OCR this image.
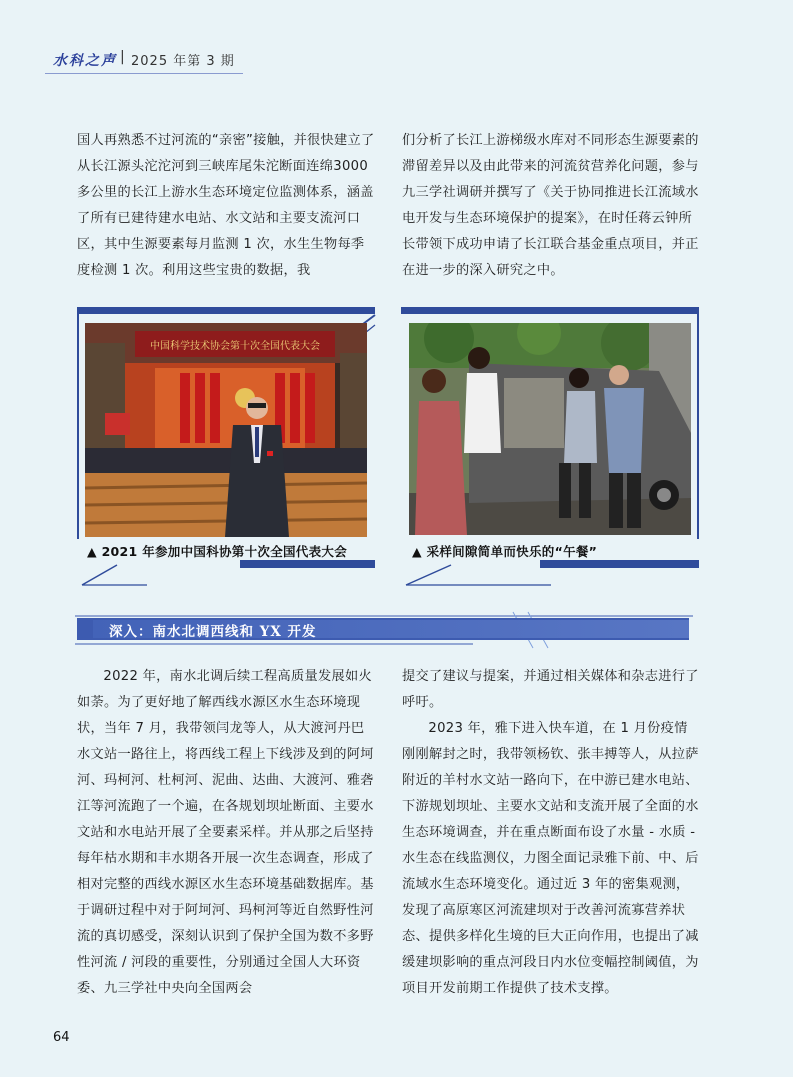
水科之声 | 2025 年第 3 期

国人再熟悉不过河流的“亲密”接触，并很快建立了从长江源头沱沱河到三峡库尾朱沱断面连绵3000 多公里的长江上游水生态环境定位监测体系，涵盖了所有已建待建水电站、水文站和主要支流河口区，其中生源要素每月监测 1 次，水生生物每季度检测 1 次。利用这些宝贵的数据，我

们分析了长江上游梯级水库对不同形态生源要素的滞留差异以及由此带来的河流贫营养化问题，参与九三学社调研并撰写了《关于协同推进长江流域水电开发与生态环境保护的提案》，在时任蒋云钟所长带领下成功申请了长江联合基金重点项目，并正在进一步的深入研究之中。

中国科学技术协会第十次全国代表大会
▲ 2021 年参加中国科协第十次全国代表大会	▲ 采样间隙简单而快乐的“午餐”
深入：南水北调西线和 YX 开发

2022 年，南水北调后续工程高质量发展如火如荼。为了更好地了解西线水源区水生态环境现状，当年 7 月，我带领闫龙等人，从大渡河丹巴水文站一路往上，将西线工程上下线涉及到的阿坷河、玛柯河、杜柯河、泥曲、达曲、大渡河、雅砻江等河流跑了一个遍，在各规划坝址断面、主要水文站和水电站开展了全要素采样。并从那之后坚持每年枯水期和丰水期各开展一次生态调查，形成了相对完整的西线水源区水生态环境基础数据库。基于调研过程中对于阿坷河、玛柯河等近自然野性河流的真切感受，深刻认识到了保护全国为数不多野性河流 / 河段的重要性，分别通过全国人大环资委、九三学社中央向全国两会

提交了建议与提案，并通过相关媒体和杂志进行了呼吁。

2023 年，雅下进入快车道，在 1 月份疫情刚刚解封之时，我带领杨钦、张丰搏等人，从拉萨附近的羊村水文站一路向下，在中游已建水电站、下游规划坝址、主要水文站和支流开展了全面的水生态环境调查，并在重点断面布设了水量 - 水质 - 水生态在线监测仪，力图全面记录雅下前、中、后流域水生态环境变化。通过近 3 年的密集观测，发现了高原寒区河流建坝对于改善河流寡营养状态、提供多样化生境的巨大正向作用，也提出了减缓建坝影响的重点河段日内水位变幅控制阈值，为项目开发前期工作提供了技术支撑。

64
